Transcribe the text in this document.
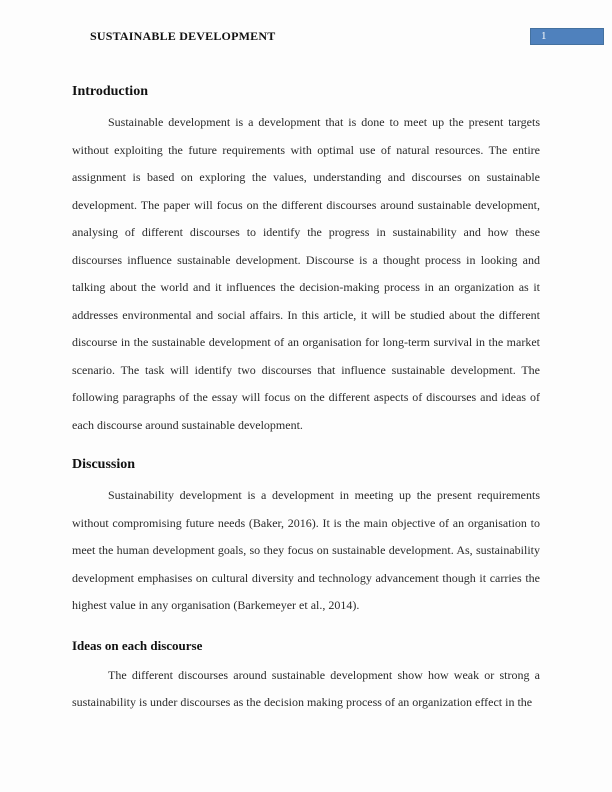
SUSTAINABLE DEVELOPMENT	1
Introduction

Sustainable development is a development that is done to meet up the present targets without exploiting the future requirements with optimal use of natural resources. The entire assignment is based on exploring the values, understanding and discourses on sustainable development. The paper will focus on the different discourses around sustainable development, analysing of different discourses to identify the progress in sustainability and how these discourses influence sustainable development. Discourse is a thought process in looking and talking about the world and it influences the decision-making process in an organization as it addresses environmental and social affairs. In this article, it will be studied about the different discourse in the sustainable development of an organisation for long-term survival in the market scenario. The task will identify two discourses that influence sustainable development. The following paragraphs of the essay will focus on the different aspects of discourses and ideas of each discourse around sustainable development.

Discussion

Sustainability development is a development in meeting up the present requirements without compromising future needs (Baker, 2016). It is the main objective of an organisation to meet the human development goals, so they focus on sustainable development. As, sustainability development emphasises on cultural diversity and technology advancement though it carries the highest value in any organisation (Barkemeyer et al., 2014).

Ideas on each discourse

The different discourses around sustainable development show how weak or strong a sustainability is under discourses as the decision making process of an organization effect in the
